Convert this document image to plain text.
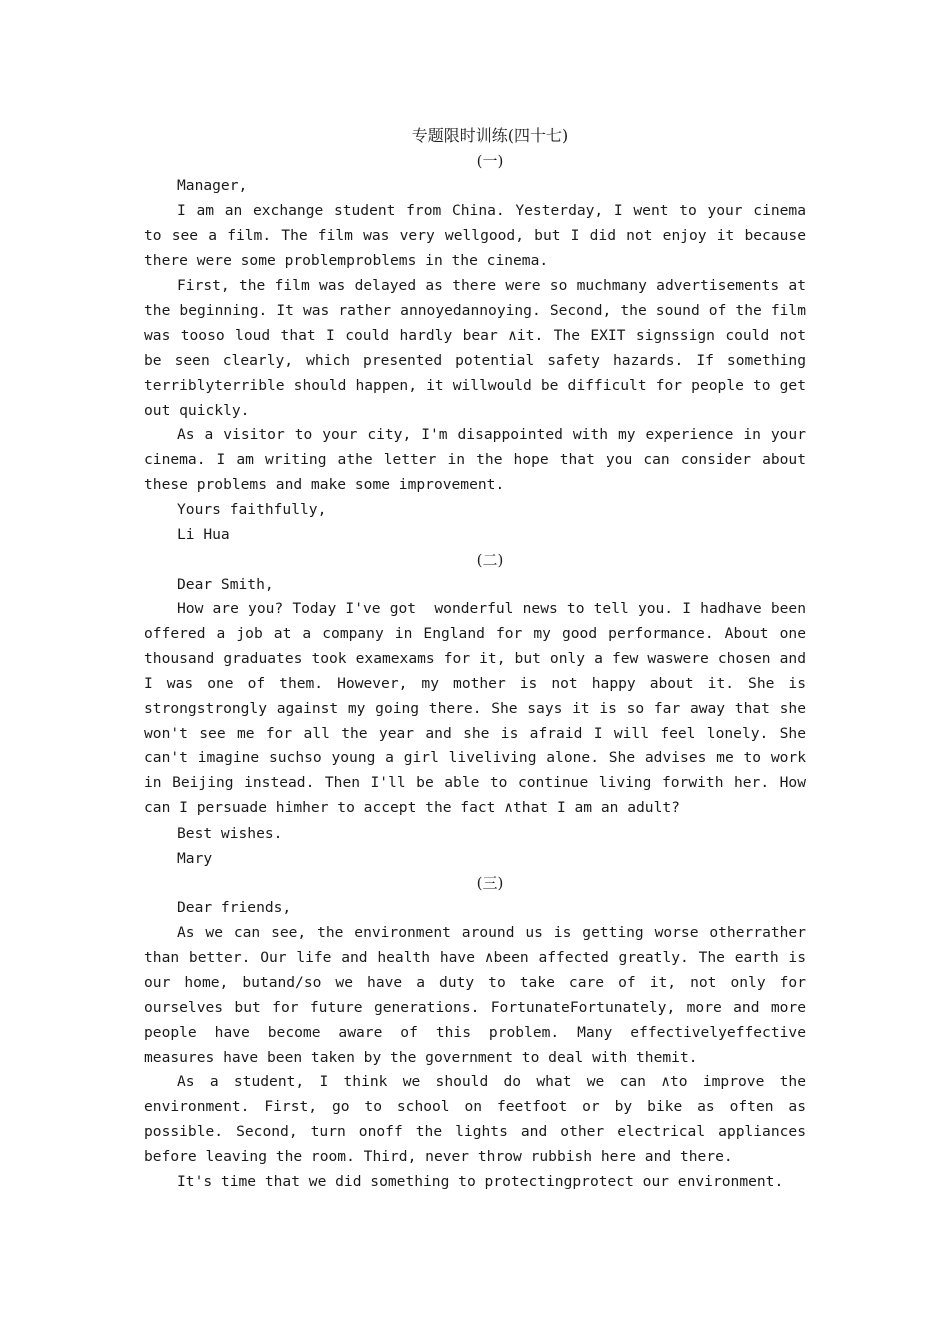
专题限时训练(四十七)
(一)
Manager,
I am an exchange student from China. Yesterday, I went to your cinema to see a film. The film was very wellgood, but I did not enjoy it because there were some problemproblems in the cinema.
First, the film was delayed as there were so muchmany advertisements at the beginning. It was rather annoyedannoying. Second, the sound of the film was tooso loud that I could hardly bear ∧it. The EXIT signssign could not be seen clearly, which presented potential safety hazards. If something terriblyterrible should happen, it willwould be difficult for people to get out quickly.
As a visitor to your city, I'm disappointed with my experience in your cinema. I am writing athe letter in the hope that you can consider about these problems and make some improvement.
Yours faithfully,
Li Hua
(二)
Dear Smith,
How are you? Today I've got  wonderful news to tell you. I hadhave been offered a job at a company in England for my good performance. About one thousand graduates took examexams for it, but only a few waswere chosen and I was one of them. However, my mother is not happy about it. She is strongstrongly against my going there. She says it is so far away that she won't see me for all the year and she is afraid I will feel lonely. She can't imagine suchso young a girl liveliving alone. She advises me to work in Beijing instead. Then I'll be able to continue living forwith her. How can I persuade himher to accept the fact ∧that I am an adult?
Best wishes.
Mary
(三)
Dear friends,
As we can see, the environment around us is getting worse otherrather  than better. Our life and health have ∧been affected greatly. The earth is our home, butand/so we have a duty to take care of it, not only for ourselves but for future generations. FortunateFortunately, more and more people have become aware of this problem. Many effectivelyeffective measures have been taken by the government to deal with themit.
As a student, I think we should do what we can ∧to improve the environment. First, go to school on feetfoot or by bike as often as possible. Second, turn onoff the lights and other electrical appliances before leaving the room. Third, never throw rubbish here and there.
It's time that we did something to protectingprotect our environment.
